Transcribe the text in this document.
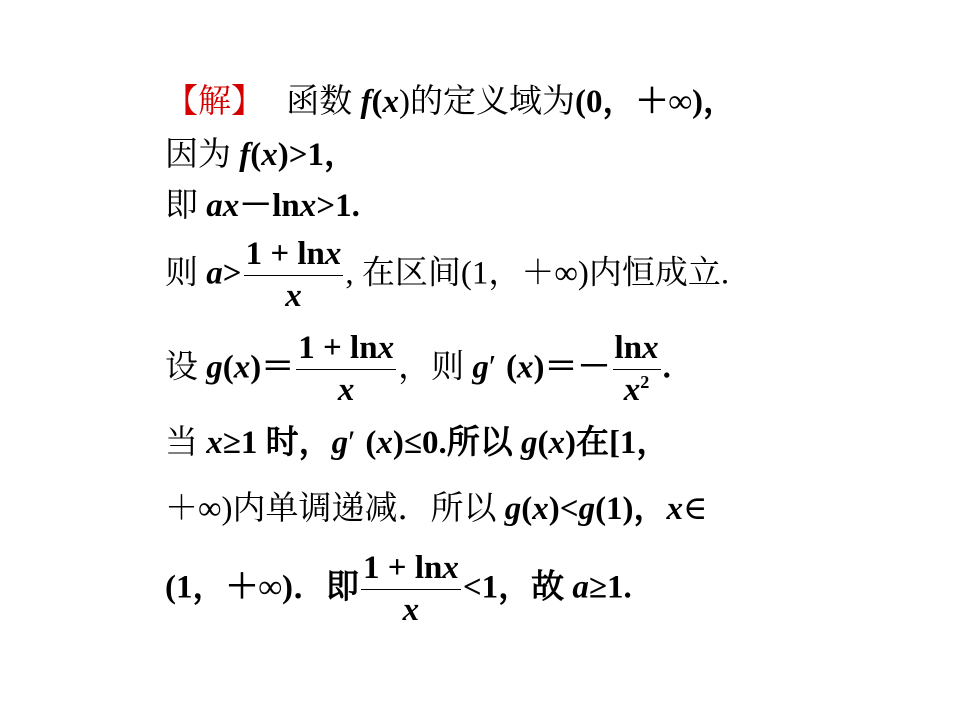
【解】 函数 f(x)的定义域为(0，＋∞)，
因为 f(x)>1，
即 ax－lnx>1.
则 $a> \frac{1 + \ln x}{x}$ , 在区间(1，＋∞)内恒成立.
设 $g(x)= \frac{1 + \ln x}{x}$ ，则 g′ $(x)=- \frac{\ln x}{x^2}$ .
当 x≥1 时，g′ (x)≤0.所以 g(x)在[1，
＋∞)内单调递减．所以 g(x)<g(1)，x∈
(1，＋∞)．即 $\frac{1 + \ln x}{x} <1$，故 a≥1.
